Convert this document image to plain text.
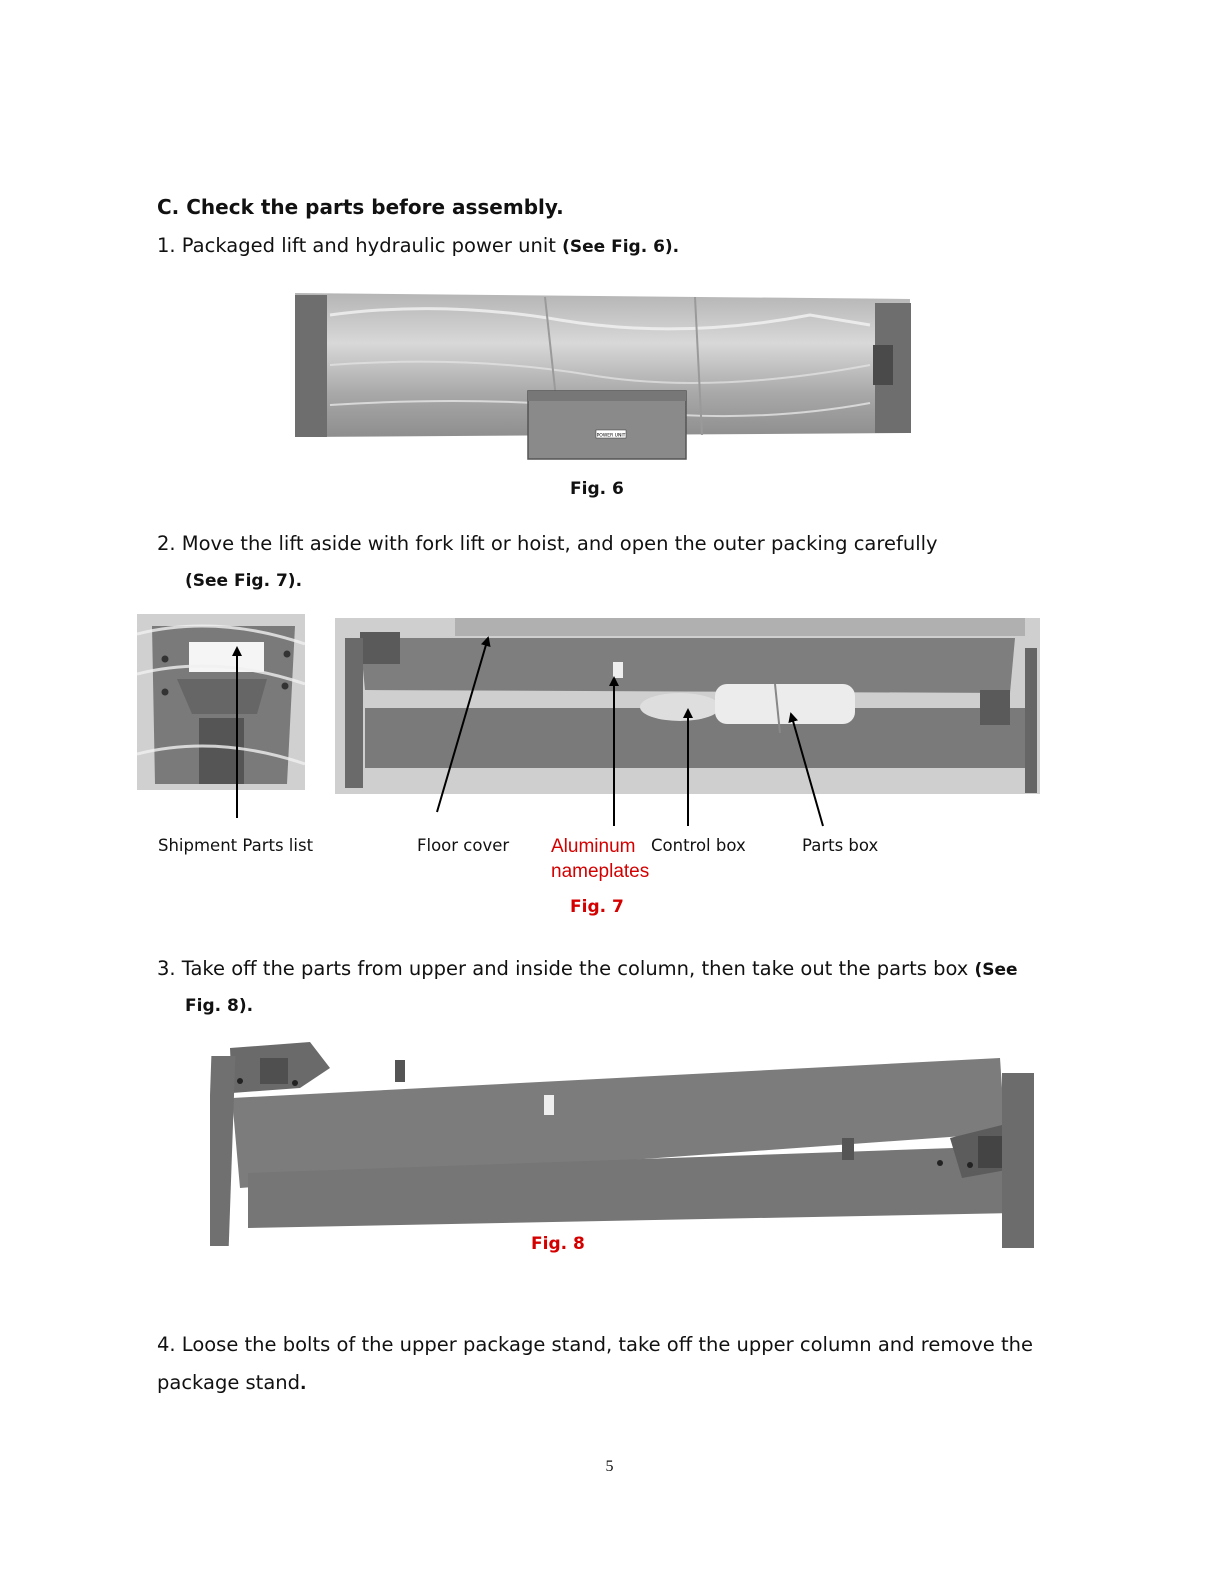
C. Check the parts before assembly.
1. Packaged lift and hydraulic power unit (See Fig. 6).
POWER UNIT
Fig. 6
2. Move the lift aside with fork lift or hoist, and open the outer packing carefully
(See Fig. 7).
Shipment Parts list	Floor cover Aluminum
nameplates
Control box	Parts box
Fig. 7
3. Take off the parts from upper and inside the column, then take out the parts box (See
Fig. 8).
Fig. 8
4. Loose the bolts of the upper package stand, take off the upper column and remove the
package stand.
5
